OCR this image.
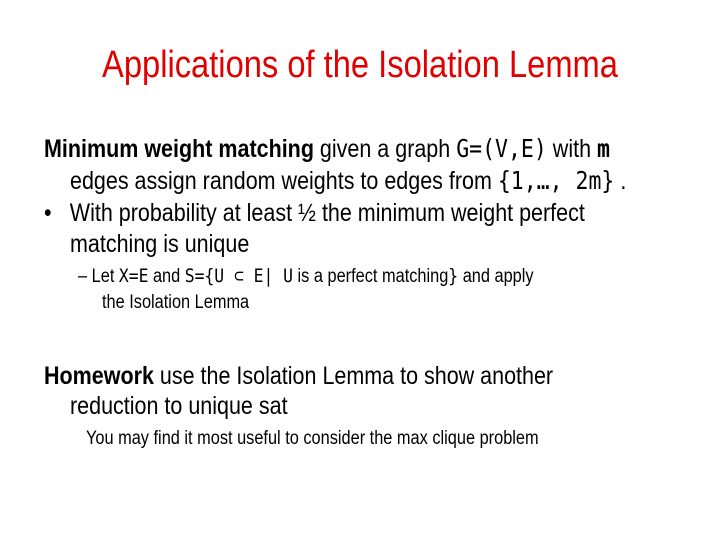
Applications of the Isolation Lemma
Minimum weight matching given a graph G=(V,E) with m
edges assign random weights to edges from {1,…, 2m} .
• With probability at least ½ the minimum weight perfect
matching is unique
– Let X=E and S={U ⊂ E| U is a perfect matching} and apply
the Isolation Lemma
Homework use the Isolation Lemma to show another
reduction to unique sat
You may find it most useful to consider the max clique problem
